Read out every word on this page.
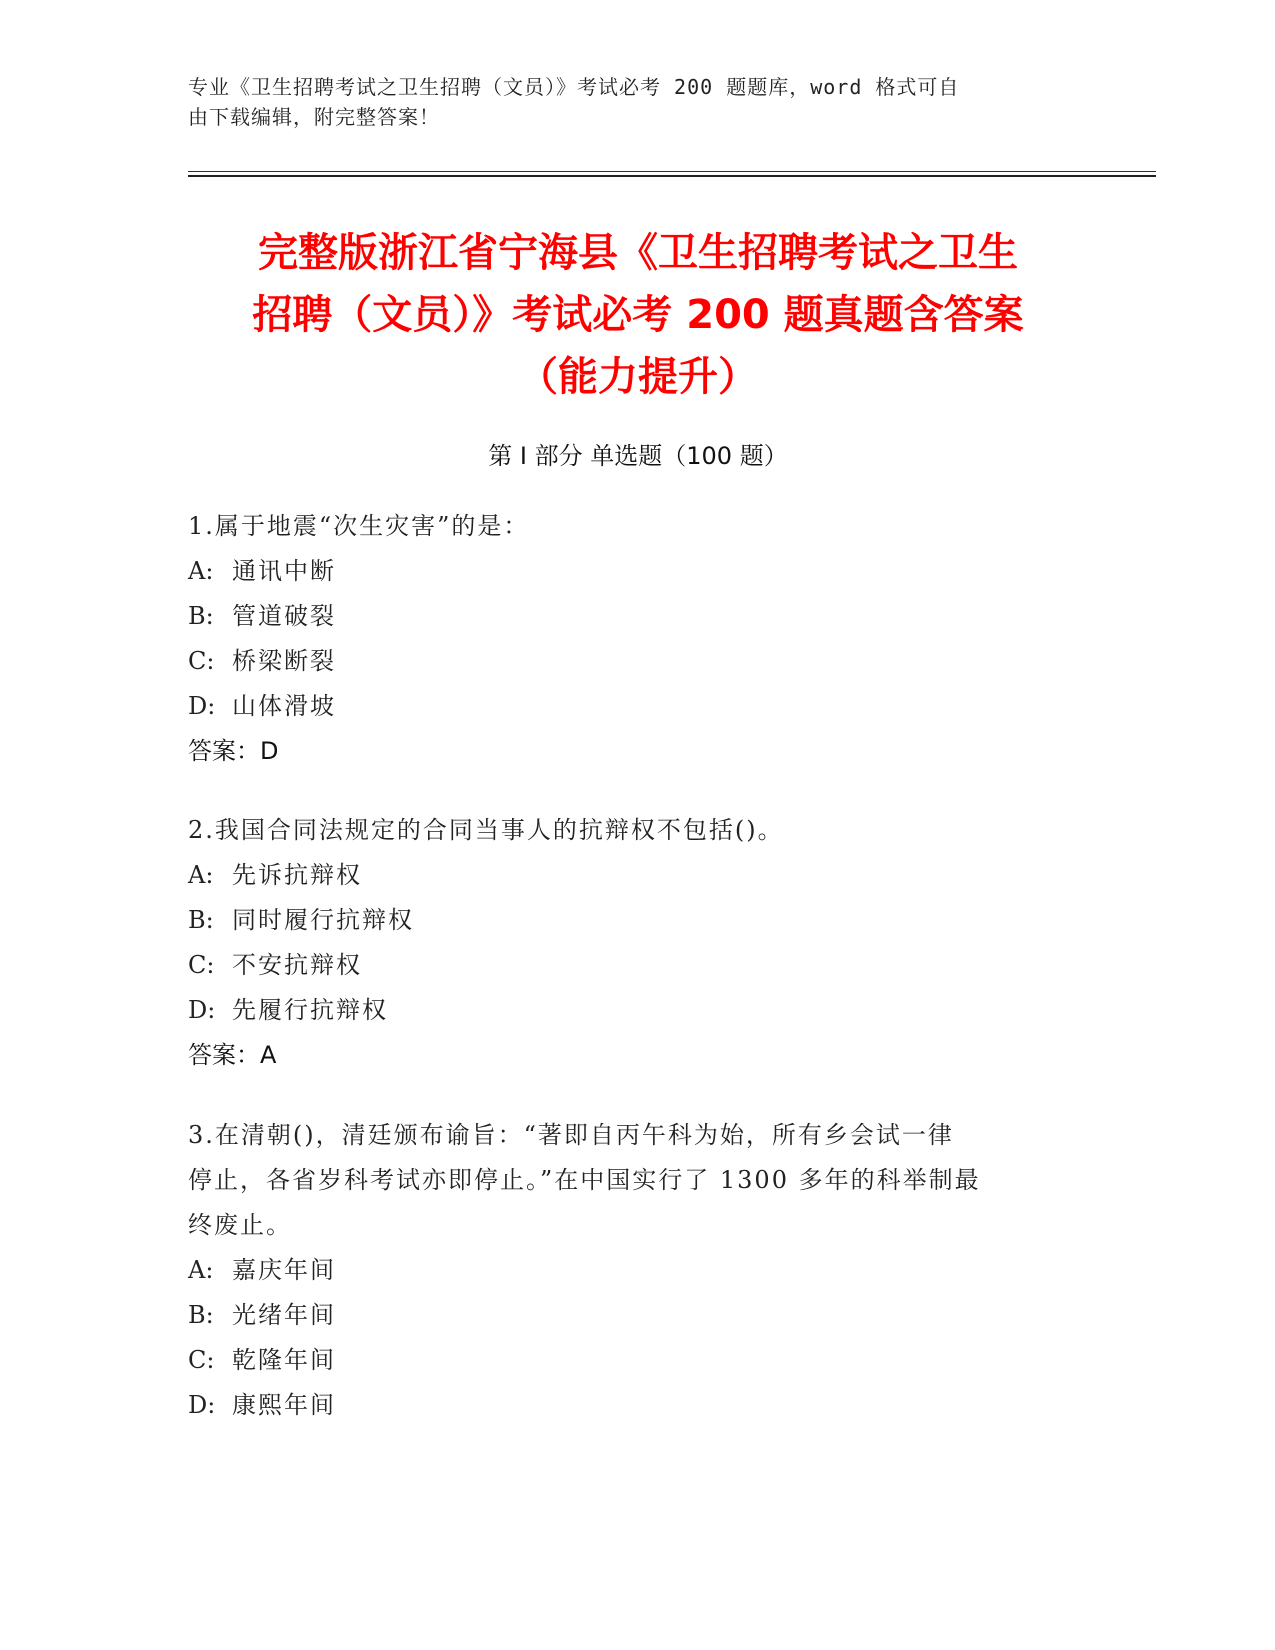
专业《卫生招聘考试之卫生招聘（文员）》考试必考 200 题题库，word 格式可自
由下载编辑，附完整答案！
完整版浙江省宁海县《卫生招聘考试之卫生
招聘（文员）》考试必考 200 题真题含答案
（能力提升）
第 I 部分 单选题（100 题）
1.属于地震“次生灾害”的是：
A: 通讯中断
B: 管道破裂
C: 桥梁断裂
D: 山体滑坡
答案：D
2.我国合同法规定的合同当事人的抗辩权不包括()。
A: 先诉抗辩权
B: 同时履行抗辩权
C: 不安抗辩权
D: 先履行抗辩权
答案：A
3.在清朝()，清廷颁布谕旨：“著即自丙午科为始，所有乡会试一律
停止，各省岁科考试亦即停止。”在中国实行了 1300 多年的科举制最
终废止。
A: 嘉庆年间
B: 光绪年间
C: 乾隆年间
D: 康熙年间
